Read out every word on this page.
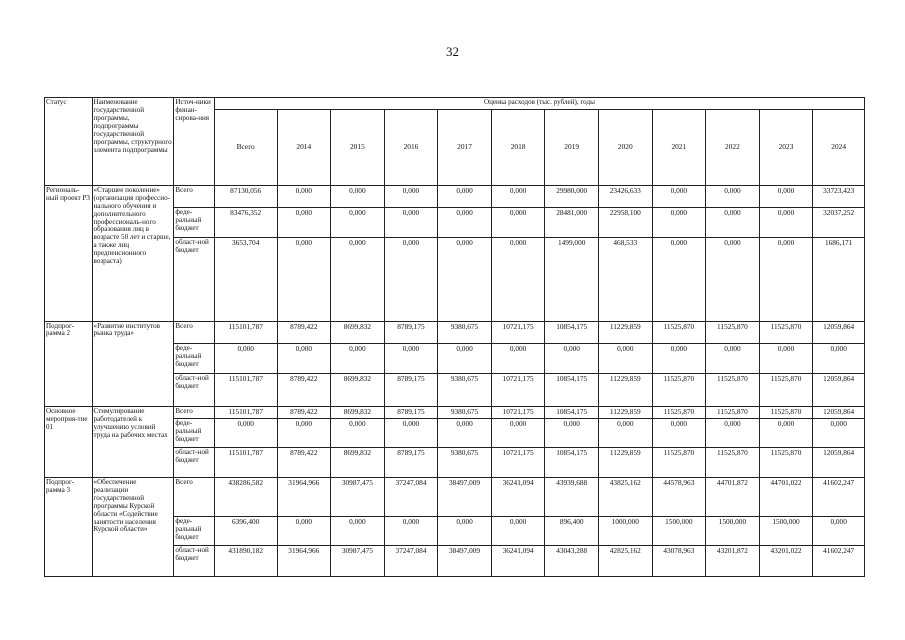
32
Статус	Наименование государственной программы, подпрограммы государственной программы, структурного элемента подпрограммы	Источ-ники финан-сирова-ния	Оценка расходов (тыс. рублей), годы											
			Всего	2014	2015	2016	2017	2018	2019	2020	2021	2022	2023	2024
Региональ-ный проект Р3	«Старшее поколение» (организация профессио-нального обучения и дополнительного профессиональ-ного образования лиц в возрасте 50 лет и старше, а также лиц предпенсионного возраста)	Всего	87130,056	0,000	0,000	0,000	0,000	0,000	29980,000	23426,633	0,000	0,000	0,000	33723,423
		феде-ральный бюджет	83476,352	0,000	0,000	0,000	0,000	0,000	28481,000	22958,100	0,000	0,000	0,000	32037,252
		област-ной бюджет	3653,704	0,000	0,000	0,000	0,000	0,000	1499,000	468,533	0,000	0,000	0,000	1686,171
Подпрог-рамма 2	«Развитие институтов рынка труда»	Всего	115101,787	8789,422	8699,832	8789,175	9380,675	10721,175	10854,175	11229,859	11525,870	11525,870	11525,870	12059,864
		феде-ральный бюджет	0,000	0,000	0,000	0,000	0,000	0,000	0,000	0,000	0,000	0,000	0,000	0,000
		област-ной бюджет	115101,787	8789,422	8699,832	8789,175	9380,675	10721,175	10854,175	11229,859	11525,870	11525,870	11525,870	12059,864
Основное мероприя-тие 01	Стимулирование работодателей к улучшению условий труда на рабочих местах	Всего	115101,787	8789,422	8699,832	8789,175	9380,675	10721,175	10854,175	11229,859	11525,870	11525,870	11525,870	12059,864
		феде-ральный бюджет	0,000	0,000	0,000	0,000	0,000	0,000	0,000	0,000	0,000	0,000	0,000	0,000
		област-ной бюджет	115101,787	8789,422	8699,832	8789,175	9380,675	10721,175	10854,175	11229,859	11525,870	11525,870	11525,870	12059,864
Подпрог-рамма 3	«Обеспечение реализации государственной программы Курской области «Содействие занятости населения Курской области»	Всего	438286,582	31964,966	30987,475	37247,084	38497,009	36241,094	43939,688	43825,162	44578,963	44701,872	44701,022	41602,247
		феде-ральный бюджет	6396,400	0,000	0,000	0,000	0,000	0,000	896,400	1000,000	1500,000	1500,000	1500,000	0,000
		област-ной бюджет	431890,182	31964,966	30987,475	37247,084	38497,009	36241,094	43043,288	42825,162	43078,963	43201,872	43201,022	41602,247
